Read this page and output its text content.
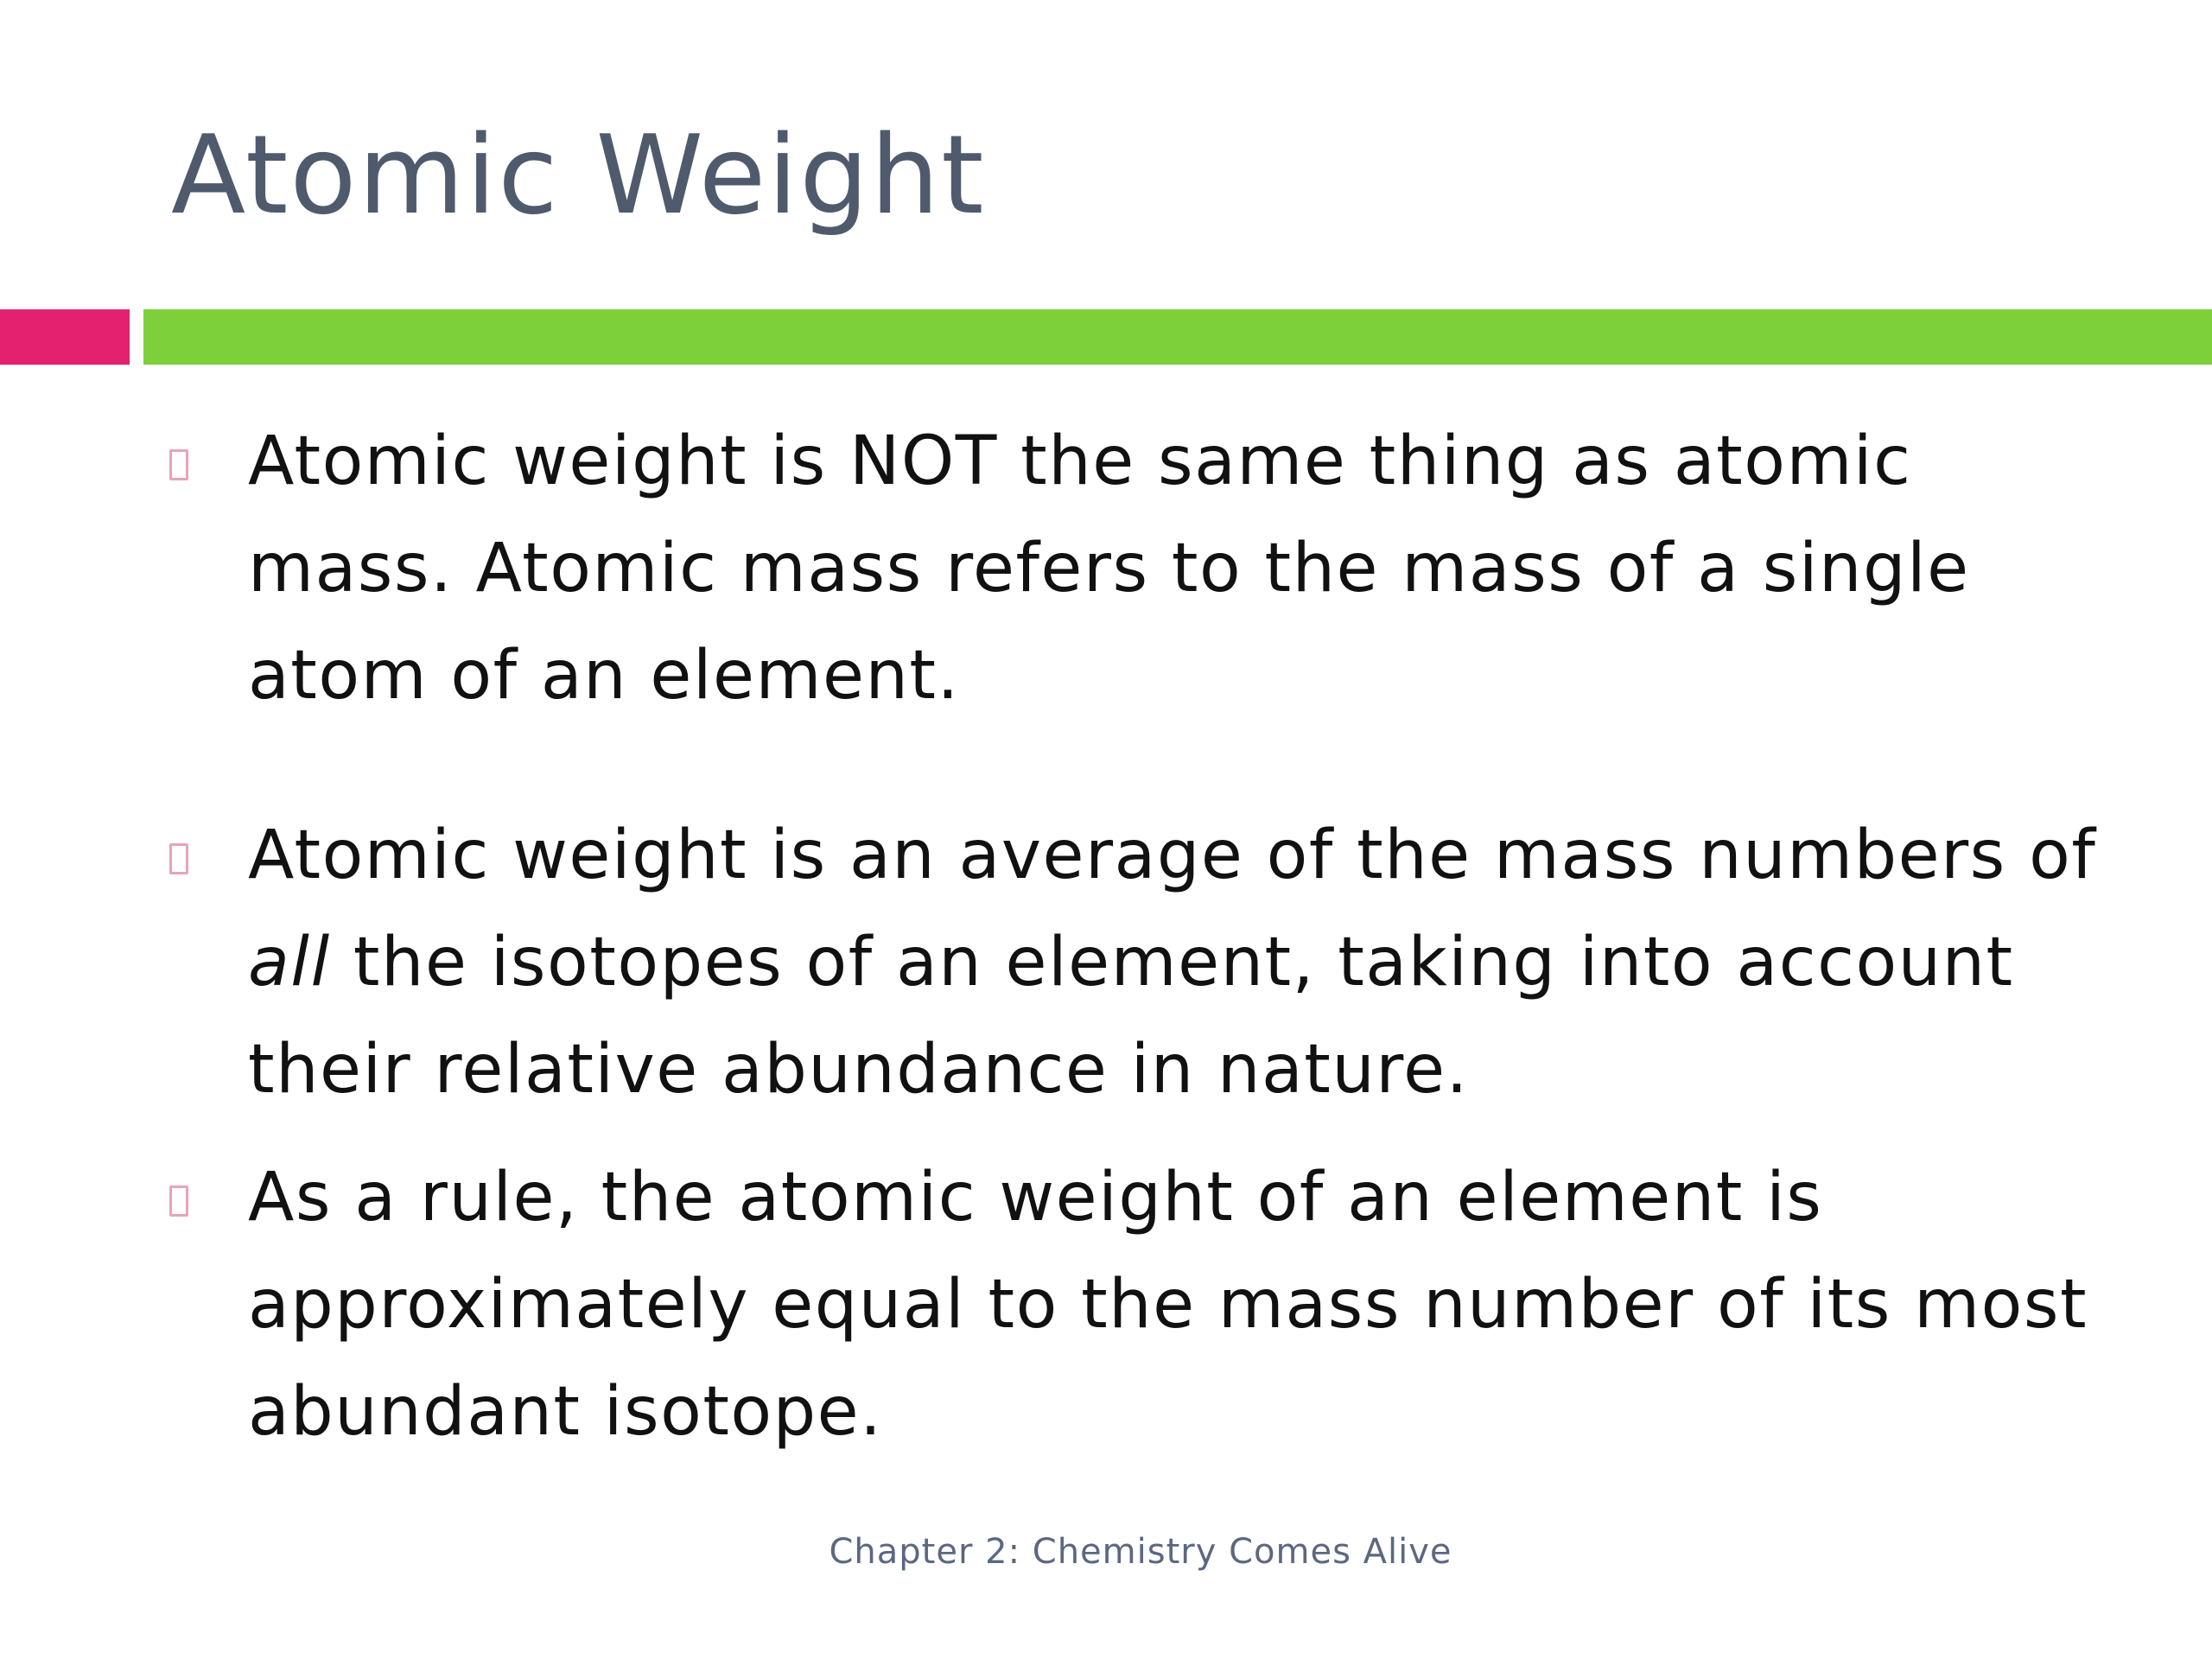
Atomic Weight

Atomic weight is NOT the same thing as atomic
mass. Atomic mass refers to the mass of a single
atom of an element.

Atomic weight is an average of the mass numbers of
all the isotopes of an element, taking into account
their relative abundance in nature.

As a rule, the atomic weight of an element is
approximately equal to the mass number of its most
abundant isotope.

Chapter 2: Chemistry Comes Alive
